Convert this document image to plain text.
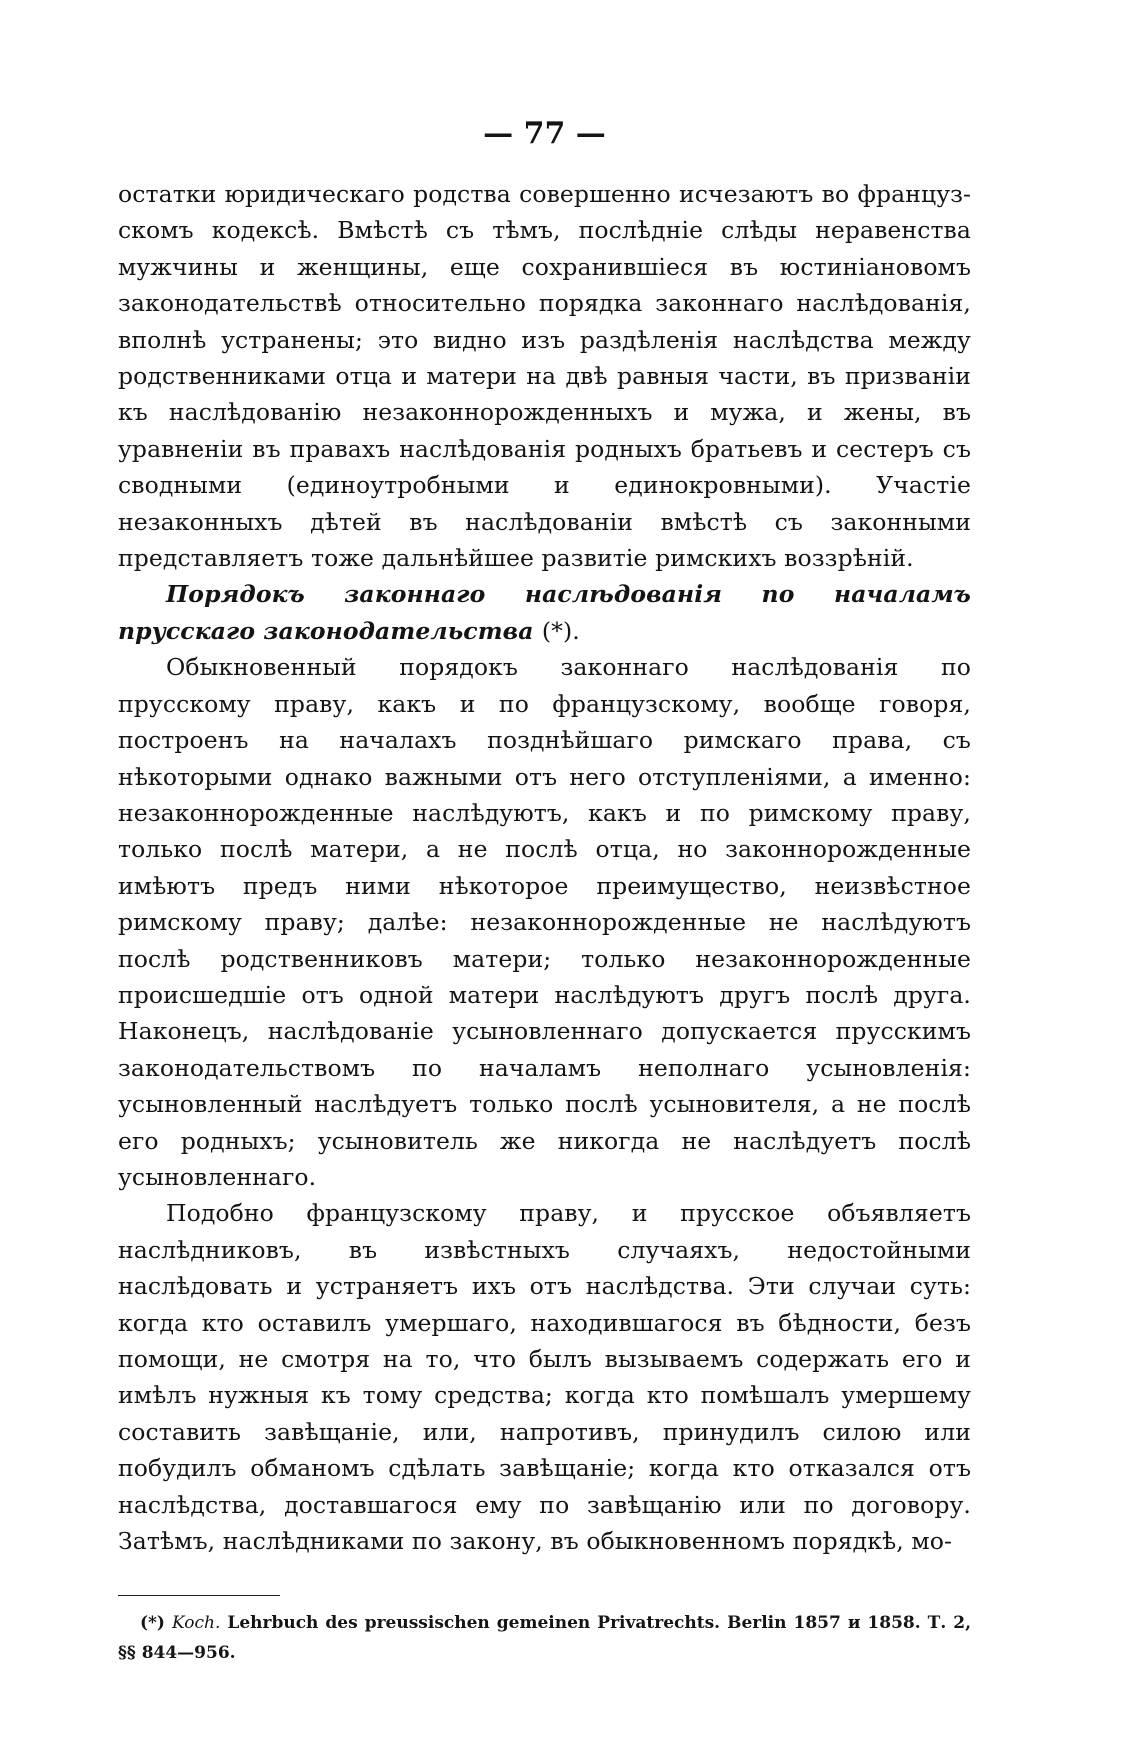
— 77 —

остатки юридическаго родства совершенно исчезаютъ во французскомъ кодексѣ. Вмѣстѣ съ тѣмъ, послѣдніе слѣды неравенства мужчины и женщины, еще сохранившіеся въ юстиніановомъ законодательствѣ относительно порядка законнаго наслѣдованія, вполнѣ устранены; это видно изъ раздѣленія наслѣдства между родственниками отца и матери на двѣ равныя части, въ призваніи къ наслѣдованію незаконнорожденныхъ и мужа, и жены, въ уравненіи въ правахъ наслѣдованія родныхъ братьевъ и сестеръ съ сводными (единоутробными и единокровными). Участіе незаконныхъ дѣтей въ наслѣдованіи вмѣстѣ съ законными представляетъ тоже дальнѣйшее развитіе римскихъ воззрѣній.

Порядокъ законнаго наслѣдованія по началамъ прусскаго законодательства (*).

Обыкновенный порядокъ законнаго наслѣдованія по прусскому праву, какъ и по французскому, вообще говоря, построенъ на началахъ позднѣйшаго римскаго права, съ нѣкоторыми однако важными отъ него отступленіями, а именно: незаконнорожденные наслѣдуютъ, какъ и по римскому праву, только послѣ матери, а не послѣ отца, но законнорожденные имѣютъ предъ ними нѣкоторое преимущество, неизвѣстное римскому праву; далѣе: незаконнорожденные не наслѣдуютъ послѣ родственниковъ матери; только незаконнорожденные происшедшіе отъ одной матери наслѣдуютъ другъ послѣ друга. Наконецъ, наслѣдованіе усыновленнаго допускается прусскимъ законодательствомъ по началамъ неполнаго усыновленія: усыновленный наслѣдуетъ только послѣ усыновителя, а не послѣ его родныхъ; усыновитель же никогда не наслѣдуетъ послѣ усыновленнаго.

Подобно французскому праву, и прусское объявляетъ наслѣдниковъ, въ извѣстныхъ случаяхъ, недостойными наслѣдовать и устраняетъ ихъ отъ наслѣдства. Эти случаи суть: когда кто оставилъ умершаго, находившагося въ бѣдности, безъ помощи, не смотря на то, что былъ вызываемъ содержать его и имѣлъ нужныя къ тому средства; когда кто помѣшалъ умершему составить завѣщаніе, или, напротивъ, принудилъ силою или побудилъ обманомъ сдѣлать завѣщаніе; когда кто отказался отъ наслѣдства, доставшагося ему по завѣщанію или по договору. Затѣмъ, наслѣдниками по закону, въ обыкновенномъ порядкѣ, мо-

(*) Koch. Lehrbuch des preussischen gemeinen Privatrechts. Berlin 1857 и 1858. Т. 2, §§ 844—956.
